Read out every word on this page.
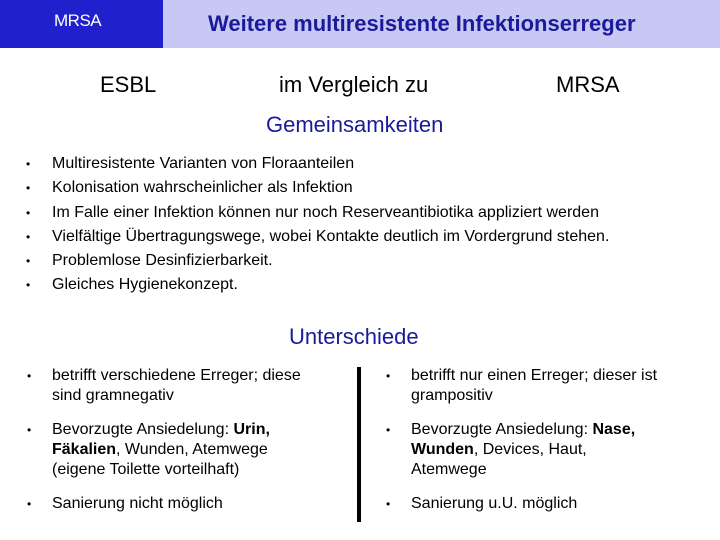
MRSA	Weitere multiresistente Infektionserreger
ESBL	im Vergleich zu	MRSA
Gemeinsamkeiten
• Multiresistente Varianten von Floraanteilen
• Kolonisation wahrscheinlicher als Infektion
• Im Falle einer Infektion können nur noch Reserveantibiotika appliziert werden
• Vielfältige Übertragungswege, wobei Kontakte deutlich im Vordergrund stehen.
• Problemlose Desinfizierbarkeit.
• Gleiches Hygienekonzept.
Unterschiede
• betrifft verschiedene Erreger; diese
sind gramnegativ
• Bevorzugte Ansiedelung: Urin,
Fäkalien, Wunden, Atemwege
(eigene Toilette vorteilhaft)
• Sanierung nicht möglich
• betrifft nur einen Erreger; dieser ist
grampositiv
• Bevorzugte Ansiedelung: Nase,
Wunden, Devices, Haut,
Atemwege
• Sanierung u.U. möglich
